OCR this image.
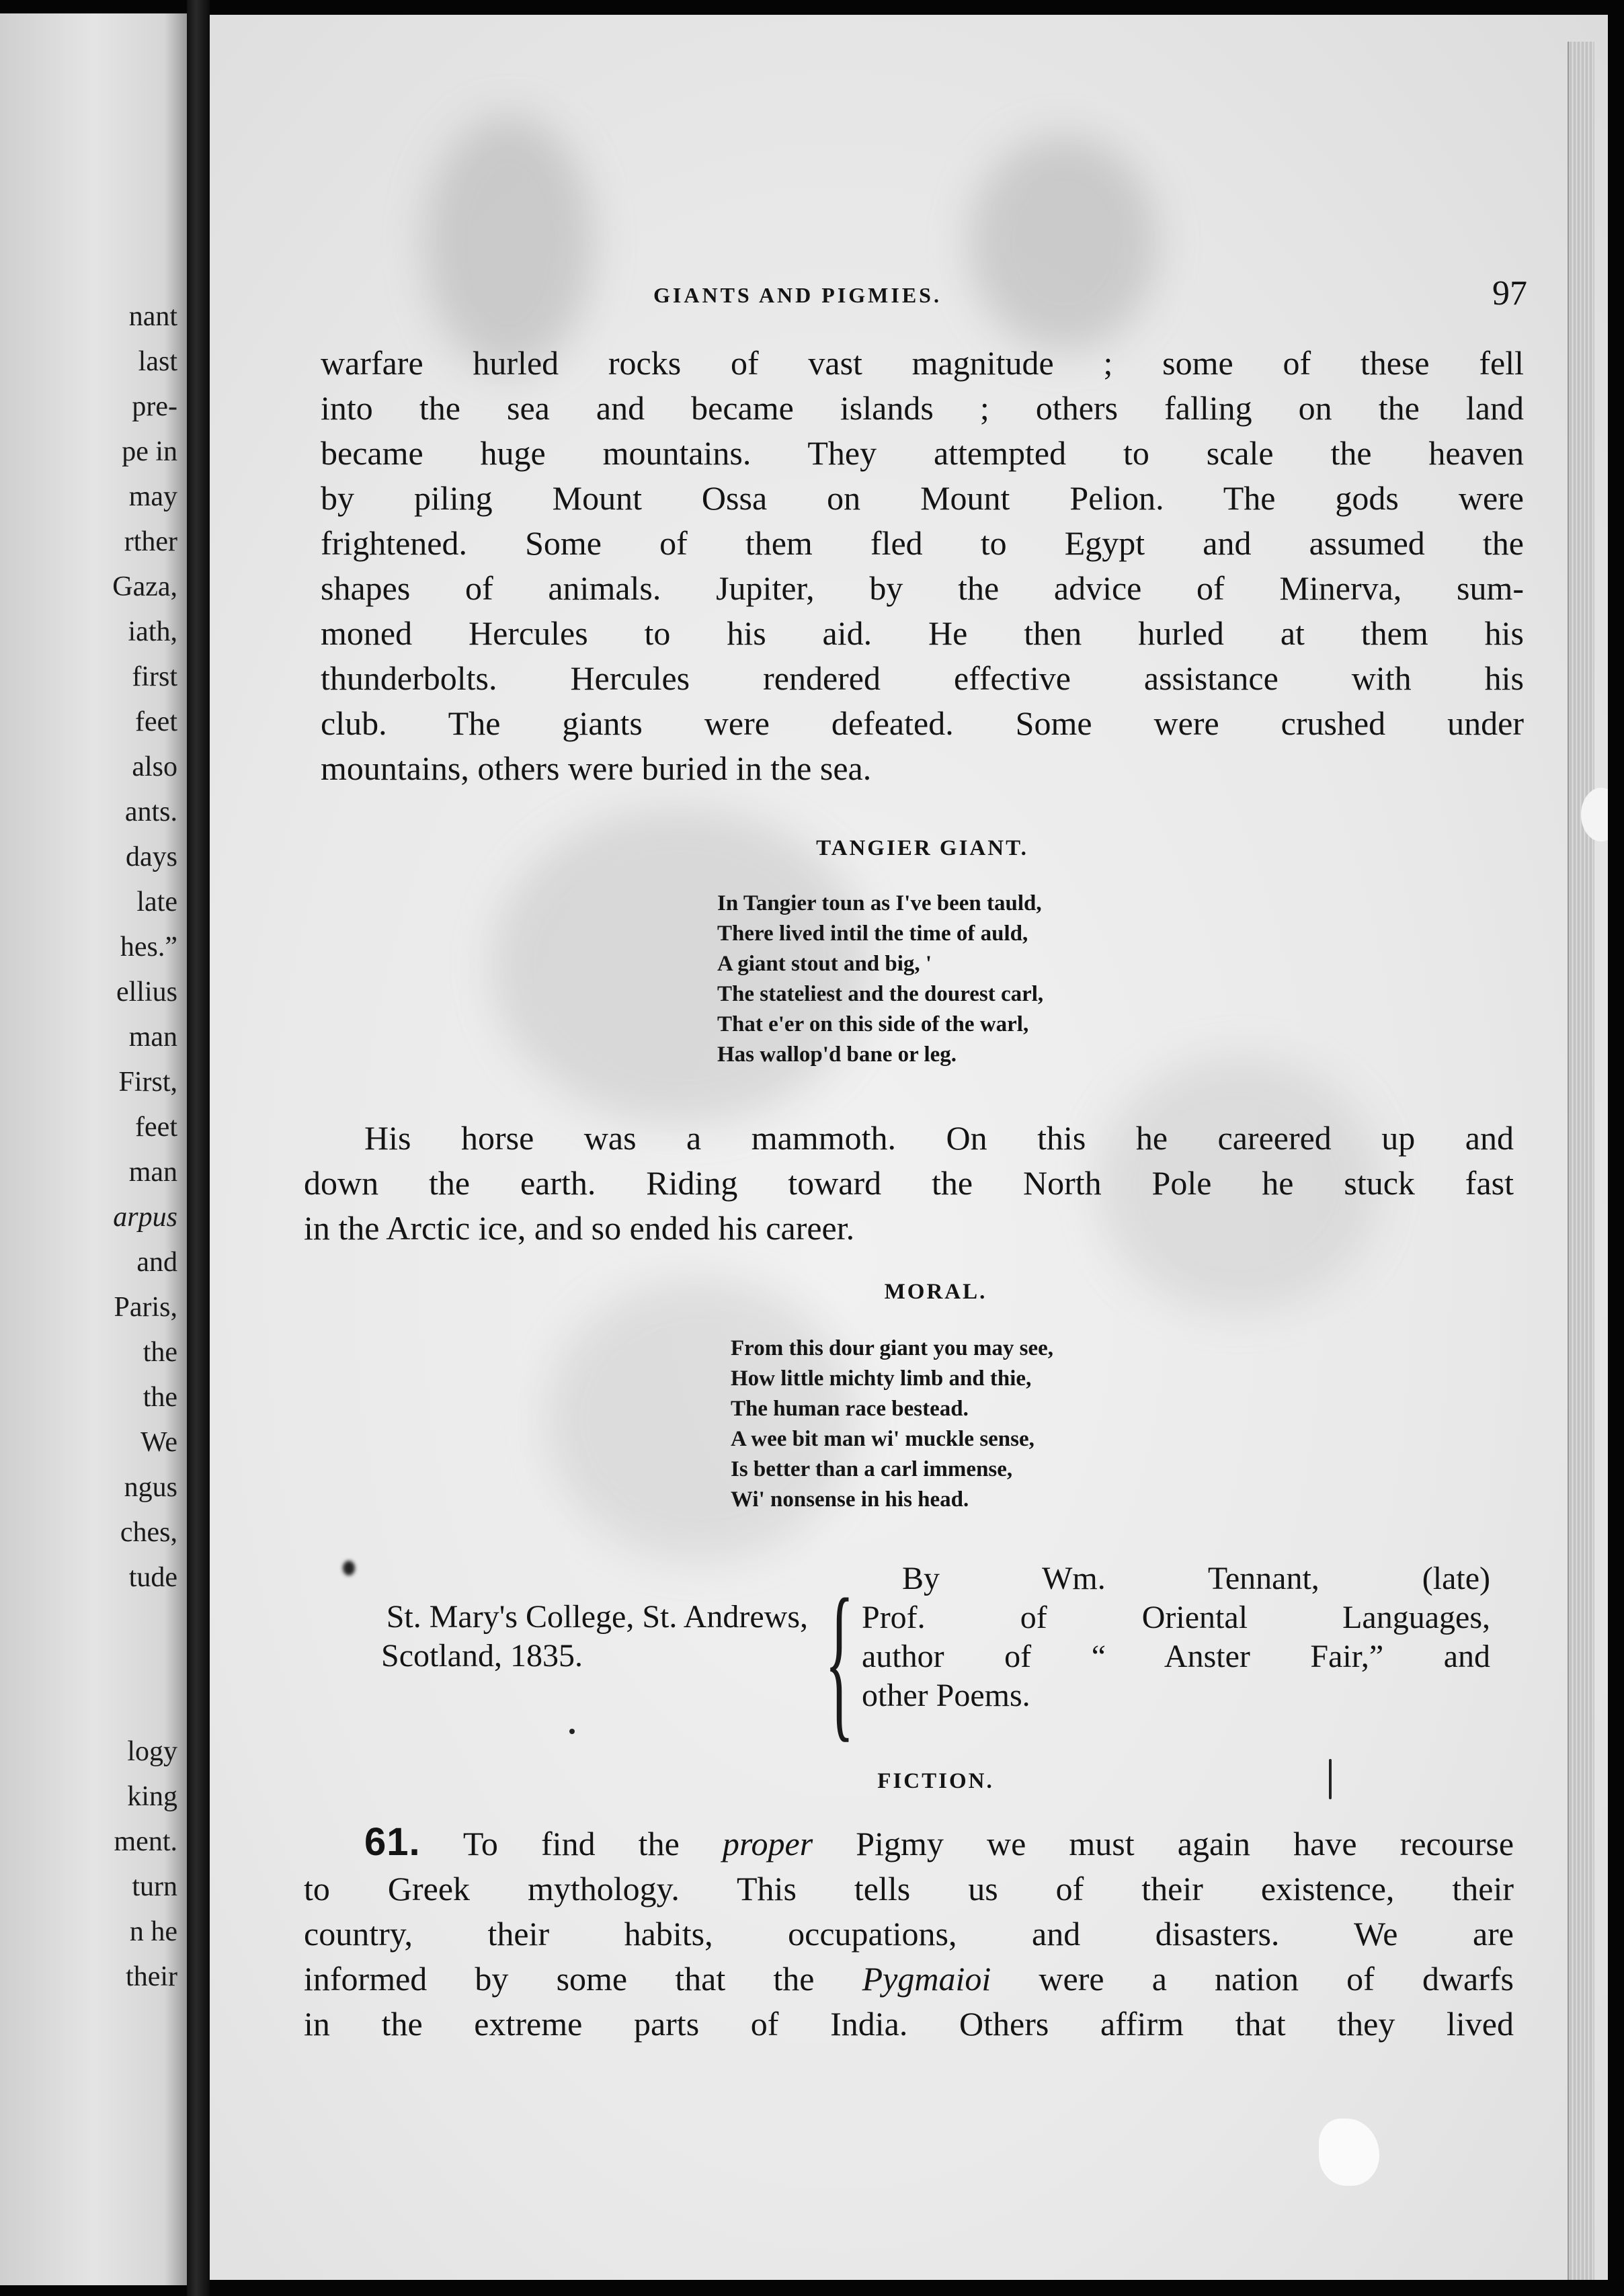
nant

last

pre-

pe in

may

rther

Gaza,

iath,

first

feet

also

ants.

days

late

hes.”

ellius

man

First,

feet

man

arpus

and

Paris,

the

the

We

ngus

ches,

tude

logy

king

ment.

turn

n he

their

GIANTS AND PIGMIES.	97

warfare hurled rocks of vast magnitude ; some of these fell

into the sea and became islands ; others falling on the land

became huge mountains. They attempted to scale the heaven

by piling Mount Ossa on Mount Pelion. The gods were

frightened. Some of them fled to Egypt and assumed the

shapes of animals. Jupiter, by the advice of Minerva, sum-

moned Hercules to his aid. He then hurled at them his

thunderbolts. Hercules rendered effective assistance with his

club. The giants were defeated. Some were crushed under

mountains, others were buried in the sea.

TANGIER GIANT.
In Tangier toun as I've been tauld,
There lived intil the time of auld,
A giant stout and big, '
The stateliest and the dourest carl,
That e'er on this side of the warl,
Has wallop'd bane or leg.

His horse was a mammoth. On this he careered up and

down the earth. Riding toward the North Pole he stuck fast

in the Arctic ice, and so ended his career.

MORAL.
From this dour giant you may see,
How little michty limb and thie,
The human race bestead.
A wee bit man wi' muckle sense,
Is better than a carl immense,
Wi' nonsense in his head.
St. Mary's College, St. Andrews,
Scotland, 1835.	{	By Wm. Tennant, (late)
Prof. of Oriental Languages,
author of “ Anster Fair,” and
other Poems.
FICTION.

61. To find the proper Pigmy we must again have recourse

to Greek mythology. This tells us of their existence, their

country, their habits, occupations, and disasters. We are

informed by some that the Pygmaioi were a nation of dwarfs

in the extreme parts of India. Others affirm that they lived
